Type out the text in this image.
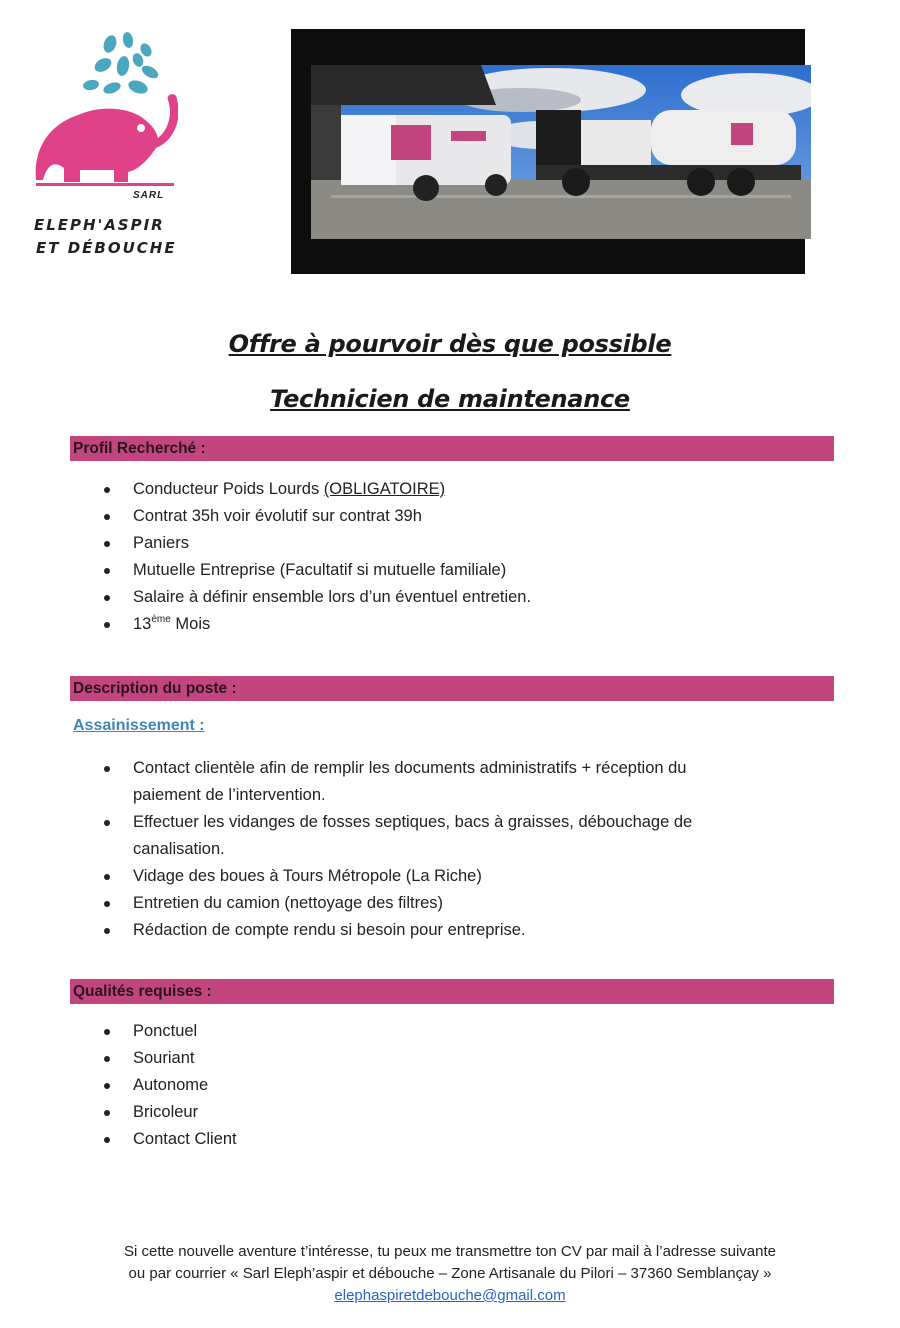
SARL
ELEPH'ASPIR
ET DÉBOUCHE
Offre à pourvoir dès que possible
Technicien de maintenance
Profil Recherché :
Conducteur Poids Lourds (OBLIGATOIRE)
Contrat 35h voir évolutif sur contrat 39h
Paniers
Mutuelle Entreprise (Facultatif si mutuelle familiale)
Salaire à définir ensemble lors d’un éventuel entretien.
13ème Mois
Description du poste :
Assainissement :
Contact clientèle afin de remplir les documents administratifs + réception du
paiement de l’intervention.
Effectuer les vidanges de fosses septiques, bacs à graisses, débouchage de
canalisation.
Vidage des boues à Tours Métropole (La Riche)
Entretien du camion (nettoyage des filtres)
Rédaction de compte rendu si besoin pour entreprise.
Qualités requises :
Ponctuel
Souriant
Autonome
Bricoleur
Contact Client
Si cette nouvelle aventure t’intéresse, tu peux me transmettre ton CV par mail à l’adresse suivante
ou par courrier « Sarl Eleph’aspir et débouche – Zone Artisanale du Pilori – 37360 Semblançay »
elephaspiretdebouche@gmail.com
